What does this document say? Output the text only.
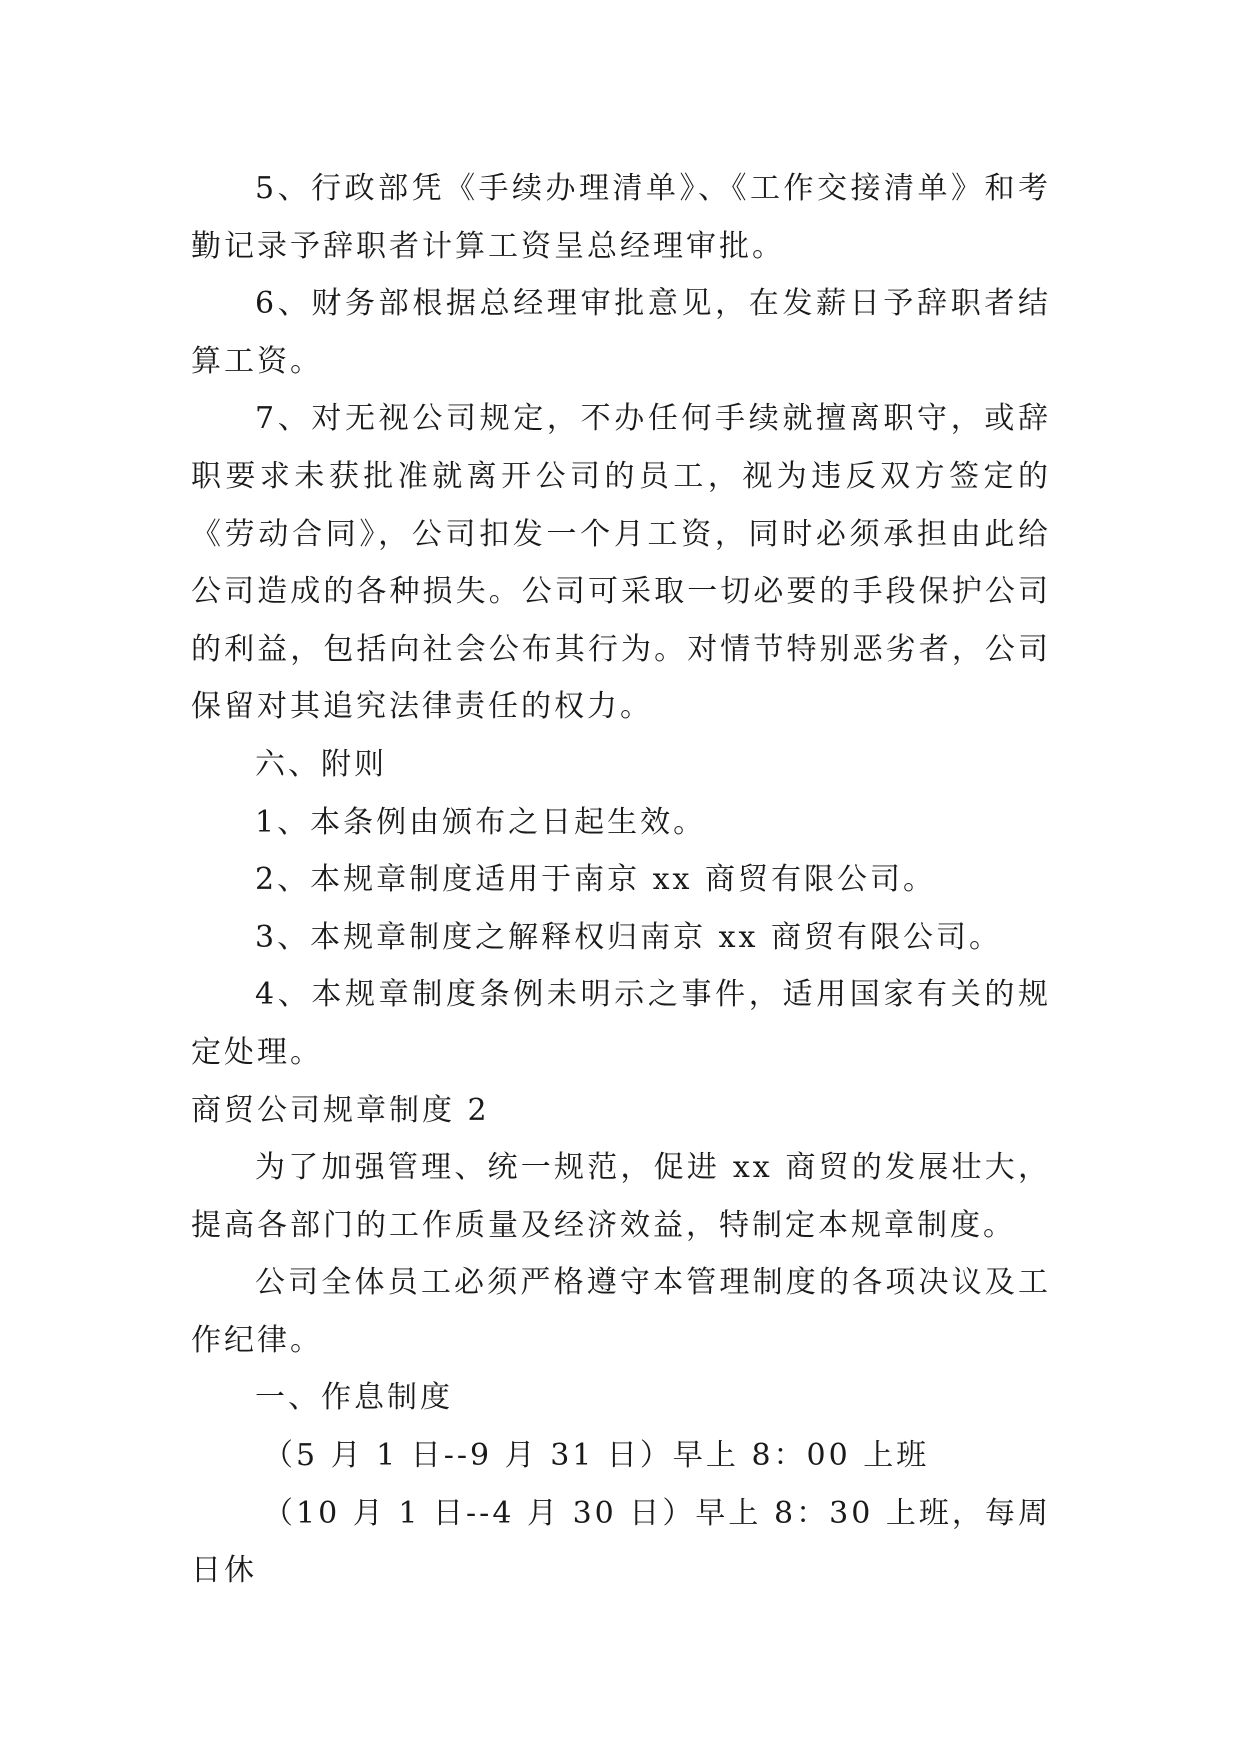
5、行政部凭《手续办理清单》、《工作交接清单》和考勤记录予辞职者计算工资呈总经理审批。

6、财务部根据总经理审批意见，在发薪日予辞职者结算工资。

7、对无视公司规定，不办任何手续就擅离职守，或辞职要求未获批准就离开公司的员工，视为违反双方签定的《劳动合同》，公司扣发一个月工资，同时必须承担由此给公司造成的各种损失。公司可采取一切必要的手段保护公司的利益，包括向社会公布其行为。对情节特别恶劣者，公司保留对其追究法律责任的权力。

六、附则

1、本条例由颁布之日起生效。

2、本规章制度适用于南京 xx 商贸有限公司。

3、本规章制度之解释权归南京 xx 商贸有限公司。

4、本规章制度条例未明示之事件，适用国家有关的规定处理。

商贸公司规章制度 2

为了加强管理、统一规范，促进 xx 商贸的发展壮大，提高各部门的工作质量及经济效益，特制定本规章制度。

公司全体员工必须严格遵守本管理制度的各项决议及工作纪律。

一、作息制度

（5 月 1 日--9 月 31 日）早上 8：00 上班

（10 月 1 日--4 月 30 日）早上 8：30 上班，每周日休
